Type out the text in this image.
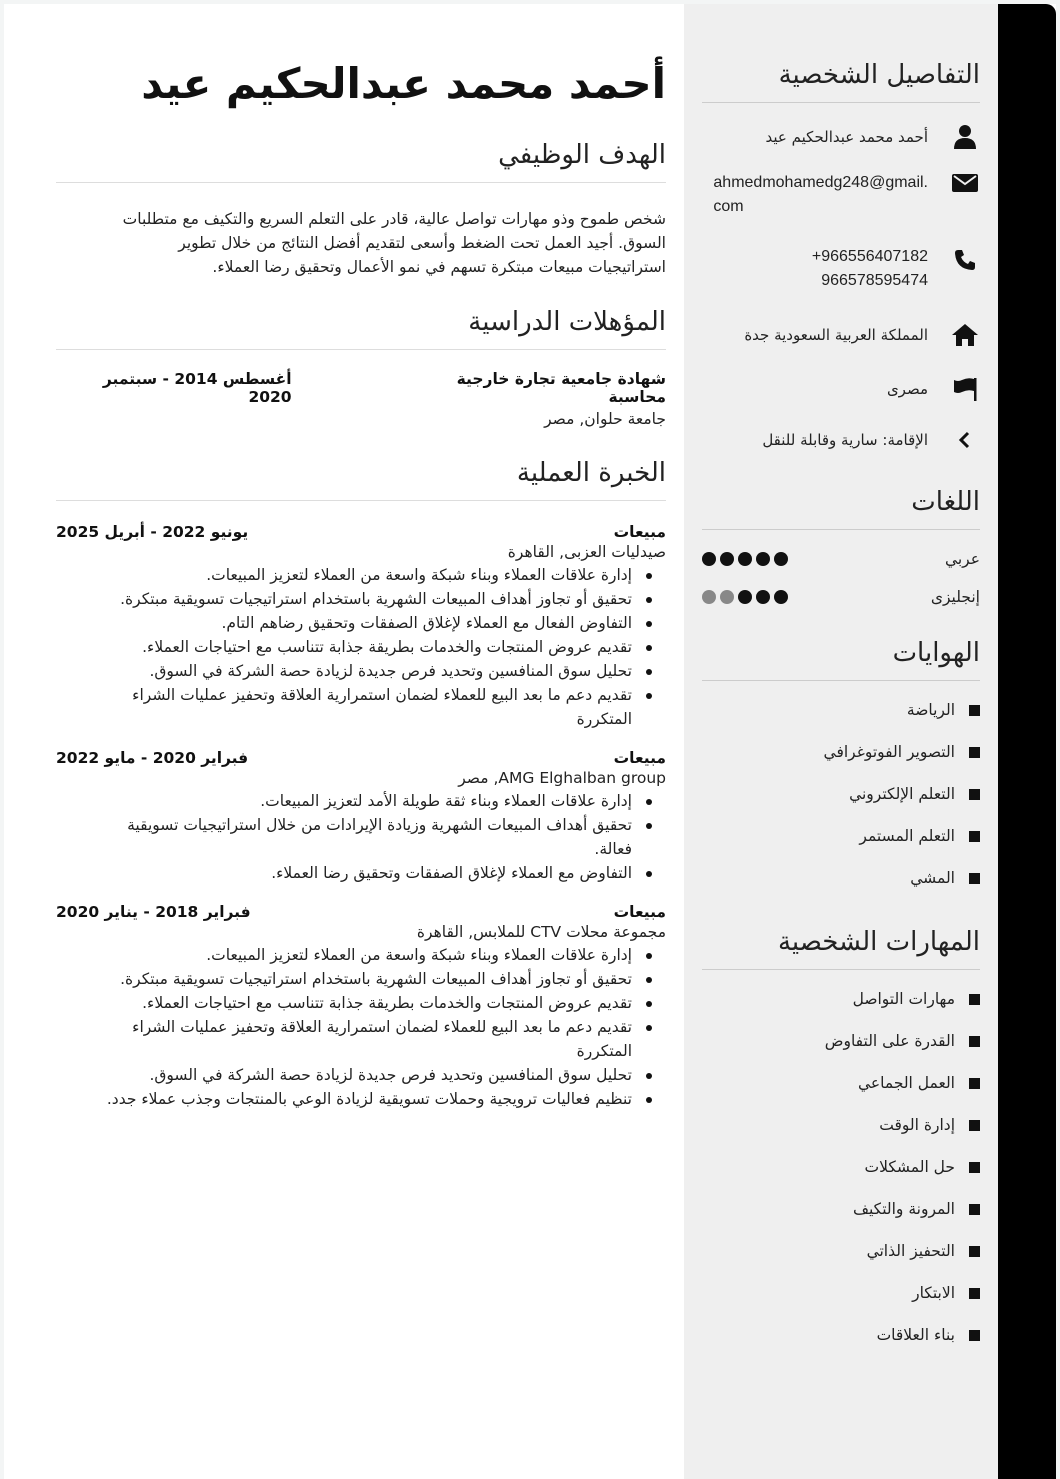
أحمد محمد عبدالحكيم عيد
الهدف الوظيفي

شخص طموح وذو مهارات تواصل عالية، قادر على التعلم السريع والتكيف مع متطلبات

السوق. أجيد العمل تحت الضغط وأسعى لتقديم أفضل النتائج من خلال تطوير

استراتيجيات مبيعات مبتكرة تسهم في نمو الأعمال وتحقيق رضا العملاء.

المؤهلات الدراسية
شهادة جامعية تجارة خارجية محاسبة
أغسطس 2014 - سبتمبر 2020
جامعة حلوان, مصر
الخبرة العملية
مبيعات
يونيو 2022 - أبريل 2025
صيدليات العزبى, القاهرة
إدارة علاقات العملاء وبناء شبكة واسعة من العملاء لتعزيز المبيعات.
تحقيق أو تجاوز أهداف المبيعات الشهرية باستخدام استراتيجيات تسويقية مبتكرة.
التفاوض الفعال مع العملاء لإغلاق الصفقات وتحقيق رضاهم التام.
تقديم عروض المنتجات والخدمات بطريقة جذابة تتناسب مع احتياجات العملاء.
تحليل سوق المنافسين وتحديد فرص جديدة لزيادة حصة الشركة في السوق.
تقديم دعم ما بعد البيع للعملاء لضمان استمرارية العلاقة وتحفيز عمليات الشراء
المتكررة
مبيعات
فبراير 2020 - مايو 2022
AMG Elghalban group, مصر
إدارة علاقات العملاء وبناء ثقة طويلة الأمد لتعزيز المبيعات.
تحقيق أهداف المبيعات الشهرية وزيادة الإيرادات من خلال استراتيجيات تسويقية
فعالة.
التفاوض مع العملاء لإغلاق الصفقات وتحقيق رضا العملاء.
مبيعات
فبراير 2018 - يناير 2020
مجموعة محلات CTV للملابس, القاهرة
إدارة علاقات العملاء وبناء شبكة واسعة من العملاء لتعزيز المبيعات.
تحقيق أو تجاوز أهداف المبيعات الشهرية باستخدام استراتيجيات تسويقية مبتكرة.
تقديم عروض المنتجات والخدمات بطريقة جذابة تتناسب مع احتياجات العملاء.
تقديم دعم ما بعد البيع للعملاء لضمان استمرارية العلاقة وتحفيز عمليات الشراء
المتكررة
تحليل سوق المنافسين وتحديد فرص جديدة لزيادة حصة الشركة في السوق.
تنظيم فعاليات ترويجية وحملات تسويقية لزيادة الوعي بالمنتجات وجذب عملاء جدد.
التفاصيل الشخصية
أحمد محمد عبدالحكيم عيد
ahmedmohamedg248@gmail.
com
966556407182+
966578595474
المملكة العربية السعودية جدة
مصرى
الإقامة: سارية وقابلة للنقل
اللغات
عربي
إنجليزى
الهوايات
الرياضة
التصوير الفوتوغرافي
التعلم الإلكتروني
التعلم المستمر
المشي
المهارات الشخصية
مهارات التواصل
القدرة على التفاوض
العمل الجماعي
إدارة الوقت
حل المشكلات
المرونة والتكيف
التحفيز الذاتي
الابتكار
بناء العلاقات
